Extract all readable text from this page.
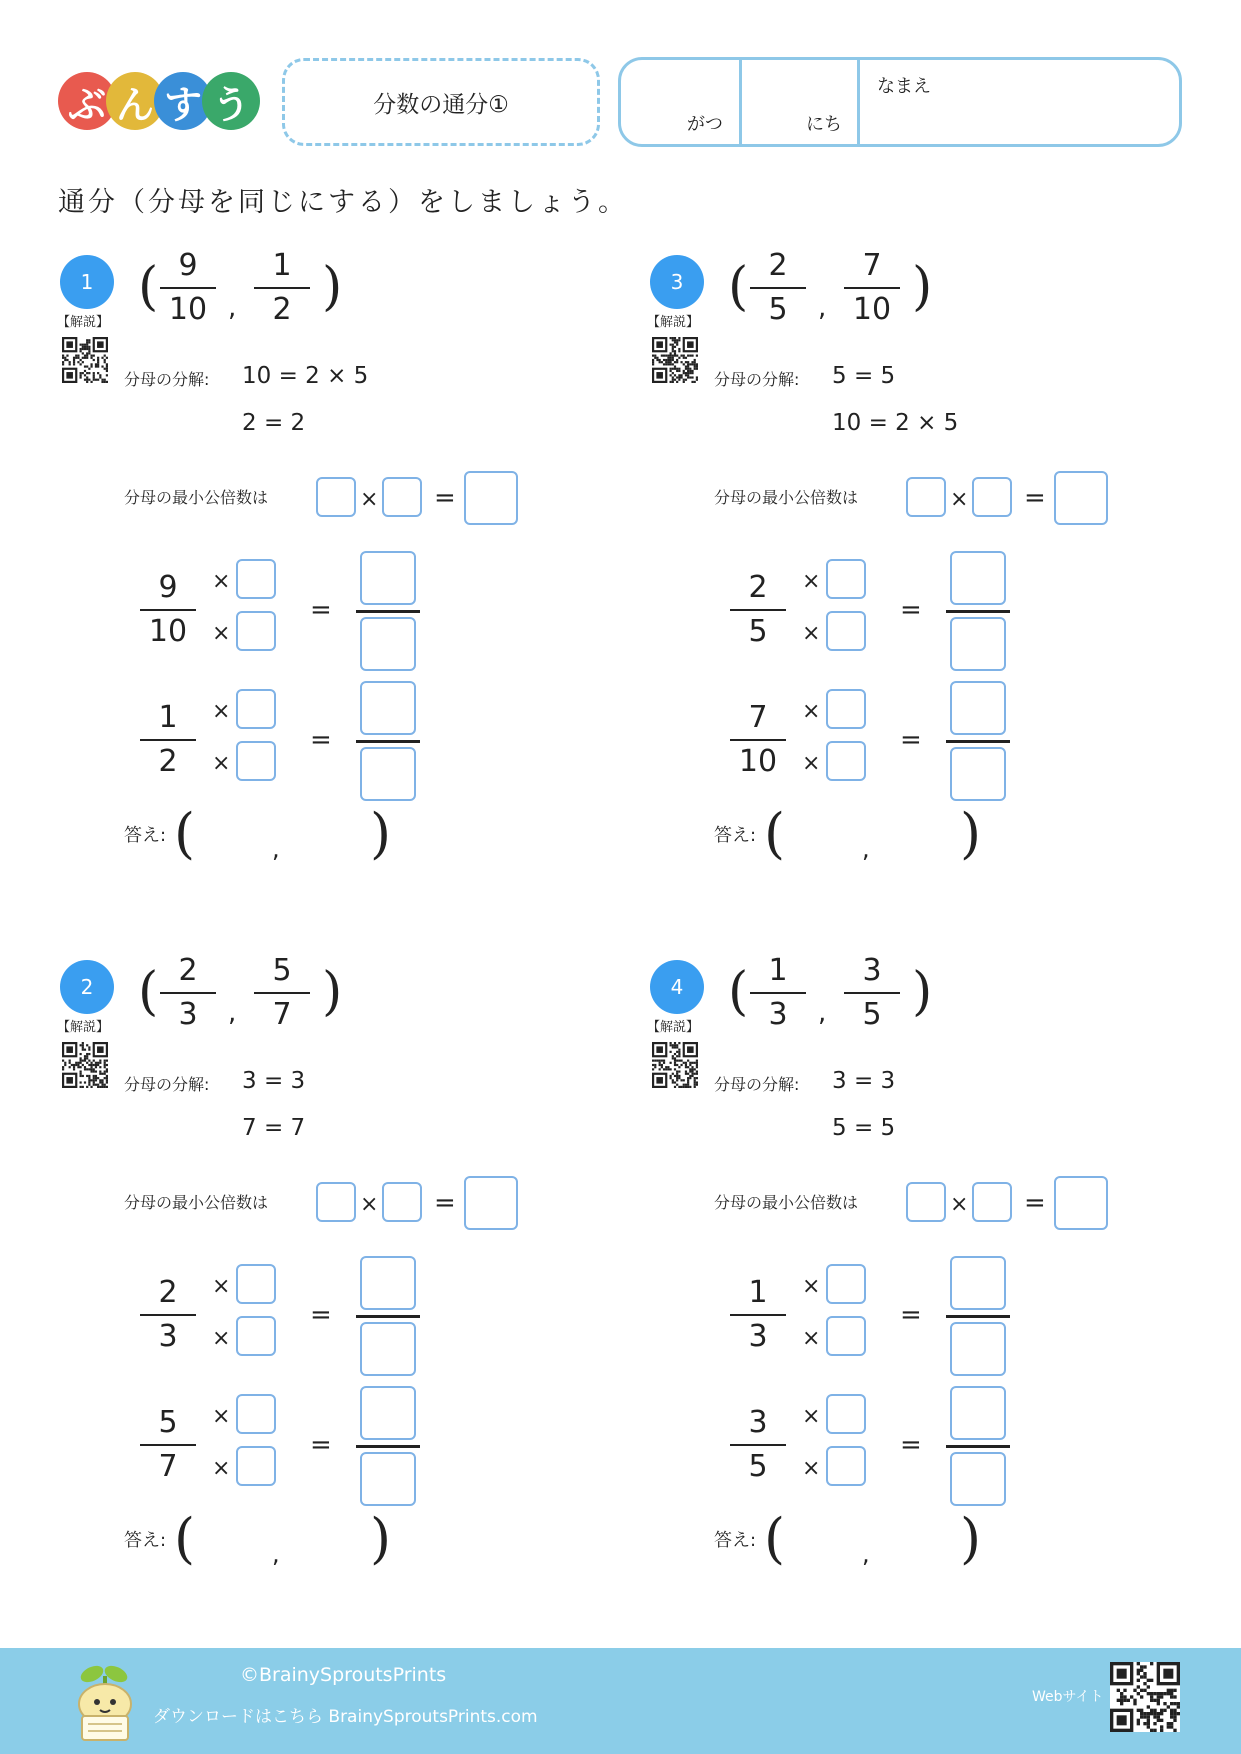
ぶ ん す う	分数の通分①
がつ	にち
なまえ
通分（分母を同じにする）をしましょう。
1
【解説】
( 9
10 ,
1
2 )
分母の分解: 10 = 2 × 5
2 = 2
分母の最小公倍数は	× =
9
10
×
×
=
1
2
×
×
=
答え: (	, )
2
【解説】
( 2
3	,
5
7 )
分母の分解: 3 = 3
7 = 7
分母の最小公倍数は	× =
2
3
×
×
=
5
7
×
×
=
答え: (	, )
3
【解説】
( 2
5	,
7
10 )
分母の分解: 5 = 5
10 = 2 × 5
分母の最小公倍数は	× =
2
5
×
×
=
7
10
×
×
=
答え: (	, )
4
【解説】
( 1
3	,
3
5 )
分母の分解: 3 = 3
5 = 5
分母の最小公倍数は	× =
1
3
×
×
=
3
5
×
×
=
答え: (	, )
©BrainySproutsPrints
ダウンロードはこちら BrainySproutsPrints.com
Webサイト
